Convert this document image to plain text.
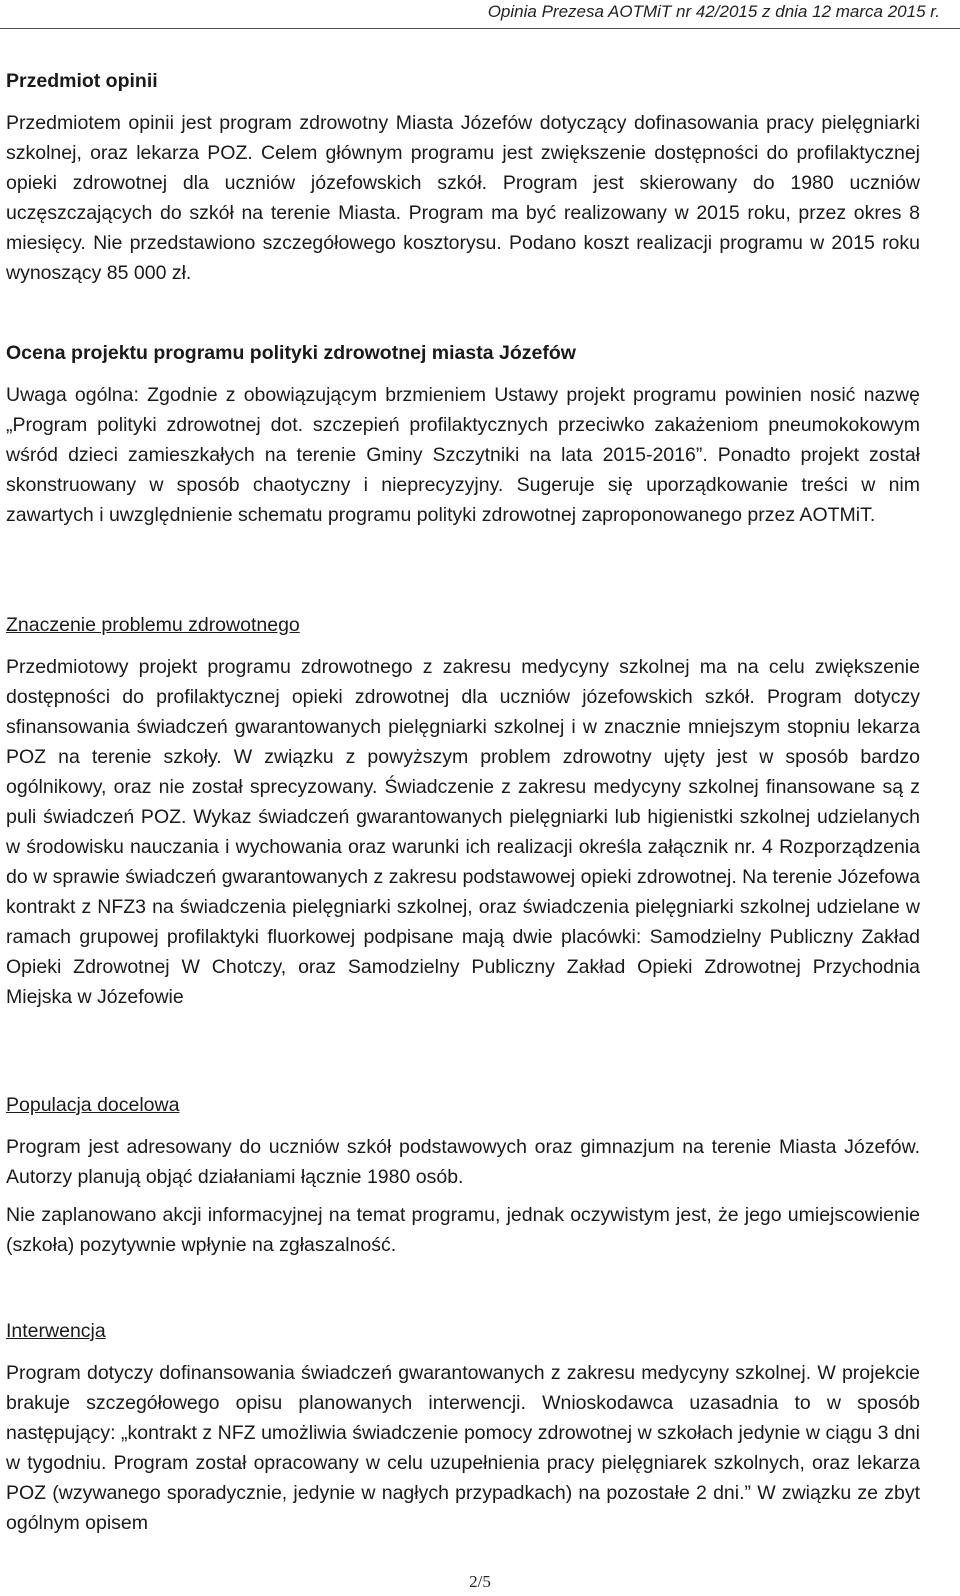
Opinia Prezesa AOTMiT nr 42/2015 z dnia 12 marca 2015 r.
Przedmiot opinii

Przedmiotem opinii jest program zdrowotny Miasta Józefów dotyczący dofinasowania pracy pielęgniarki szkolnej, oraz lekarza POZ. Celem głównym programu jest zwiększenie dostępności do profilaktycznej opieki zdrowotnej dla uczniów józefowskich szkół. Program jest skierowany do 1980 uczniów uczęszczających do szkół na terenie Miasta. Program ma być realizowany w 2015 roku, przez okres 8 miesięcy. Nie przedstawiono szczegółowego kosztorysu. Podano koszt realizacji programu w 2015 roku wynoszący 85 000 zł.

Ocena projektu programu polityki zdrowotnej miasta Józefów

Uwaga ogólna: Zgodnie z obowiązującym brzmieniem Ustawy projekt programu powinien nosić nazwę „Program polityki zdrowotnej dot. szczepień profilaktycznych przeciwko zakażeniom pneumokokowym wśród dzieci zamieszkałych na terenie Gminy Szczytniki na lata 2015-2016”. Ponadto projekt został skonstruowany w sposób chaotyczny i nieprecyzyjny. Sugeruje się uporządkowanie treści w nim zawartych i uwzględnienie schematu programu polityki zdrowotnej zaproponowanego przez AOTMiT.

Znaczenie problemu zdrowotnego

Przedmiotowy projekt programu zdrowotnego z zakresu medycyny szkolnej ma na celu zwiększenie dostępności do profilaktycznej opieki zdrowotnej dla uczniów józefowskich szkół. Program dotyczy sfinansowania świadczeń gwarantowanych pielęgniarki szkolnej i w znacznie mniejszym stopniu lekarza POZ na terenie szkoły. W związku z powyższym problem zdrowotny ujęty jest w sposób bardzo ogólnikowy, oraz nie został sprecyzowany. Świadczenie z zakresu medycyny szkolnej finansowane są z puli świadczeń POZ. Wykaz świadczeń gwarantowanych pielęgniarki lub higienistki szkolnej udzielanych w środowisku nauczania i wychowania oraz warunki ich realizacji określa załącznik nr. 4 Rozporządzenia do w sprawie świadczeń gwarantowanych z zakresu podstawowej opieki zdrowotnej. Na terenie Józefowa kontrakt z NFZ3 na świadczenia pielęgniarki szkolnej, oraz świadczenia pielęgniarki szkolnej udzielane w ramach grupowej profilaktyki fluorkowej podpisane mają dwie placówki: Samodzielny Publiczny Zakład Opieki Zdrowotnej W Chotczy, oraz Samodzielny Publiczny Zakład Opieki Zdrowotnej Przychodnia Miejska w Józefowie

Populacja docelowa

Program jest adresowany do uczniów szkół podstawowych oraz gimnazjum na terenie Miasta Józefów. Autorzy planują objąć działaniami łącznie 1980 osób.

Nie zaplanowano akcji informacyjnej na temat programu, jednak oczywistym jest, że jego umiejscowienie (szkoła) pozytywnie wpłynie na zgłaszalność.

Interwencja

Program dotyczy dofinansowania świadczeń gwarantowanych z zakresu medycyny szkolnej. W projekcie brakuje szczegółowego opisu planowanych interwencji. Wnioskodawca uzasadnia to w sposób następujący: „kontrakt z NFZ umożliwia świadczenie pomocy zdrowotnej w szkołach jedynie w ciągu 3 dni w tygodniu. Program został opracowany w celu uzupełnienia pracy pielęgniarek szkolnych, oraz lekarza POZ (wzywanego sporadycznie, jedynie w nagłych przypadkach) na pozostałe 2 dni.” W związku ze zbyt ogólnym opisem

2/5
